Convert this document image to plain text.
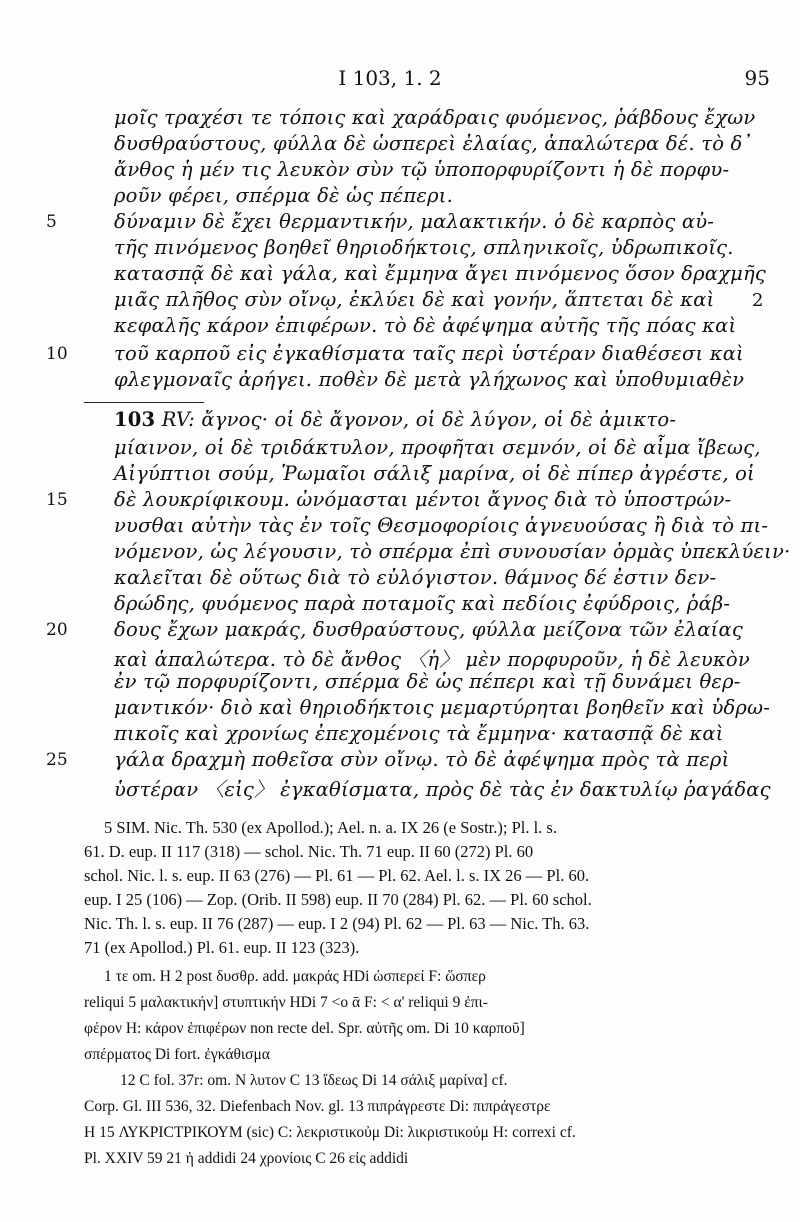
I 103, 1. 2	95
μοῖς τραχέσι τε τόποις καὶ χαράδραις φυόμενος, ῥάβδους ἔχων
δυσθραύστους, φύλλα δὲ ὡσπερεὶ ἐλαίας, ἁπαλώτερα δέ. τὸ δ᾽
ἄνθος ἡ μέν τις λευκὸν σὺν τῷ ὑποπορφυρίζοντι ἡ δὲ πορφυ-
ροῦν φέρει, σπέρμα δὲ ὡς πέπερι.
5	δύναμιν δὲ ἔχει θερμαντικήν, μαλακτικήν. ὁ δὲ καρπὸς αὐ-
τῆς πινόμενος βοηθεῖ θηριοδήκτοις, σπληνικοῖς, ὑδρωπικοῖς.
κατασπᾷ δὲ καὶ γάλα, καὶ ἔμμηνα ἄγει πινόμενος ὅσον δραχμῆς
2
μιᾶς πλῆθος σὺν οἴνῳ, ἐκλύει δὲ καὶ γονήν, ἅπτεται δὲ καὶ
κεφαλῆς κάρον ἐπιφέρων. τὸ δὲ ἀφέψημα αὐτῆς τῆς πόας καὶ
10	τοῦ καρποῦ εἰς ἐγκαθίσματα ταῖς περὶ ὑστέραν διαθέσεσι καὶ
φλεγμοναῖς ἀρήγει. ποθὲν δὲ μετὰ γλήχωνος καὶ ὑποθυμιαθὲν
103 RV: ἄγνος· οἱ δὲ ἄγονον, οἱ δὲ λύγον, οἱ δὲ ἀμικτο-
μίαινον, οἱ δὲ τριδάκτυλον, προφῆται σεμνόν, οἱ δὲ αἷμα ἴβεως,
Αἰγύπτιοι σούμ, Ῥωμαῖοι σάλιξ μαρίνα, οἱ δὲ πίπερ ἀγρέστε, οἱ
15	δὲ λουκρίφικουμ. ὠνόμασται μέντοι ἄγνος διὰ τὸ ὑποστρών-
νυσθαι αὐτὴν τὰς ἐν τοῖς Θεσμοφορίοις ἁγνευούσας ἢ διὰ τὸ πι-
νόμενον, ὡς λέγουσιν, τὸ σπέρμα ἐπὶ συνουσίαν ὁρμὰς ὑπεκλύειν·
καλεῖται δὲ οὕτως διὰ τὸ εὐλόγιστον. θάμνος δέ ἐστιν δεν-
δρώδης, φυόμενος παρὰ ποταμοῖς καὶ πεδίοις ἐφύδροις, ῥάβ-
20	δους ἔχων μακράς, δυσθραύστους, φύλλα μείζονα τῶν ἐλαίας
καὶ ἁπαλώτερα. τὸ δὲ ἄνθος 〈ἡ〉 μὲν πορφυροῦν, ἡ δὲ λευκὸν
ἐν τῷ πορφυρίζοντι, σπέρμα δὲ ὡς πέπερι καὶ τῇ δυνάμει θερ-
μαντικόν· διὸ καὶ θηριοδήκτοις μεμαρτύρηται βοηθεῖν καὶ ὑδρω-
πικοῖς καὶ χρονίως ἐπεχομένοις τὰ ἔμμηνα· κατασπᾷ δὲ καὶ
25	γάλα δραχμὴ ποθεῖσα σὺν οἴνῳ. τὸ δὲ ἀφέψημα πρὸς τὰ περὶ
ὑστέραν 〈εἰς〉 ἐγκαθίσματα, πρὸς δὲ τὰς ἐν δακτυλίῳ ῥαγάδας
5 SIM. Nic. Th. 530 (ex Apollod.); Ael. n. a. IX 26 (e Sostr.); Pl. l. s.
61. D. eup. II 117 (318) — schol. Nic. Th. 71 eup. II 60 (272) Pl. 60
schol. Nic. l. s. eup. II 63 (276) — Pl. 61 — Pl. 62. Ael. l. s. IX 26 — Pl. 60.
eup. I 25 (106) — Zop. (Orib. II 598) eup. II 70 (284) Pl. 62. — Pl. 60 schol.
Nic. Th. l. s. eup. II 76 (287) — eup. I 2 (94) Pl. 62 — Pl. 63 — Nic. Th. 63.
71 (ex Apollod.) Pl. 61. eup. II 123 (323).
1 τε om. H 2 post δυσθρ. add. μακράς HDi ὡσπερεί F: ὥσπερ
reliqui 5 μαλακτικήν] στυπτικήν HDi 7 <ο ᾱ F: < α' reliqui 9 ἐπι-
φέρον H: κάρον ἐπιφέρων non recte del. Spr. αὐτῆς om. Di 10 καρποῦ]
σπέρματος Di fort. ἐγκάθισμα
12 C fol. 37r: om. N λυτον C 13 ἴδεως Di 14 σάλιξ μαρίνα] cf.
Corp. Gl. III 536, 32. Diefenbach Nov. gl. 13 πιπράγρεστε Di: πιπράγεστρε
H 15 ΛΥΚΡΙϹΤΡΙΚΟΥΜ (sic) C: λεκριστικοὐμ Di: λικριστικοὐμ H: correxi cf.
Pl. XXIV 59 21 ἡ addidi 24 χρονίοις C 26 εἰς addidi
